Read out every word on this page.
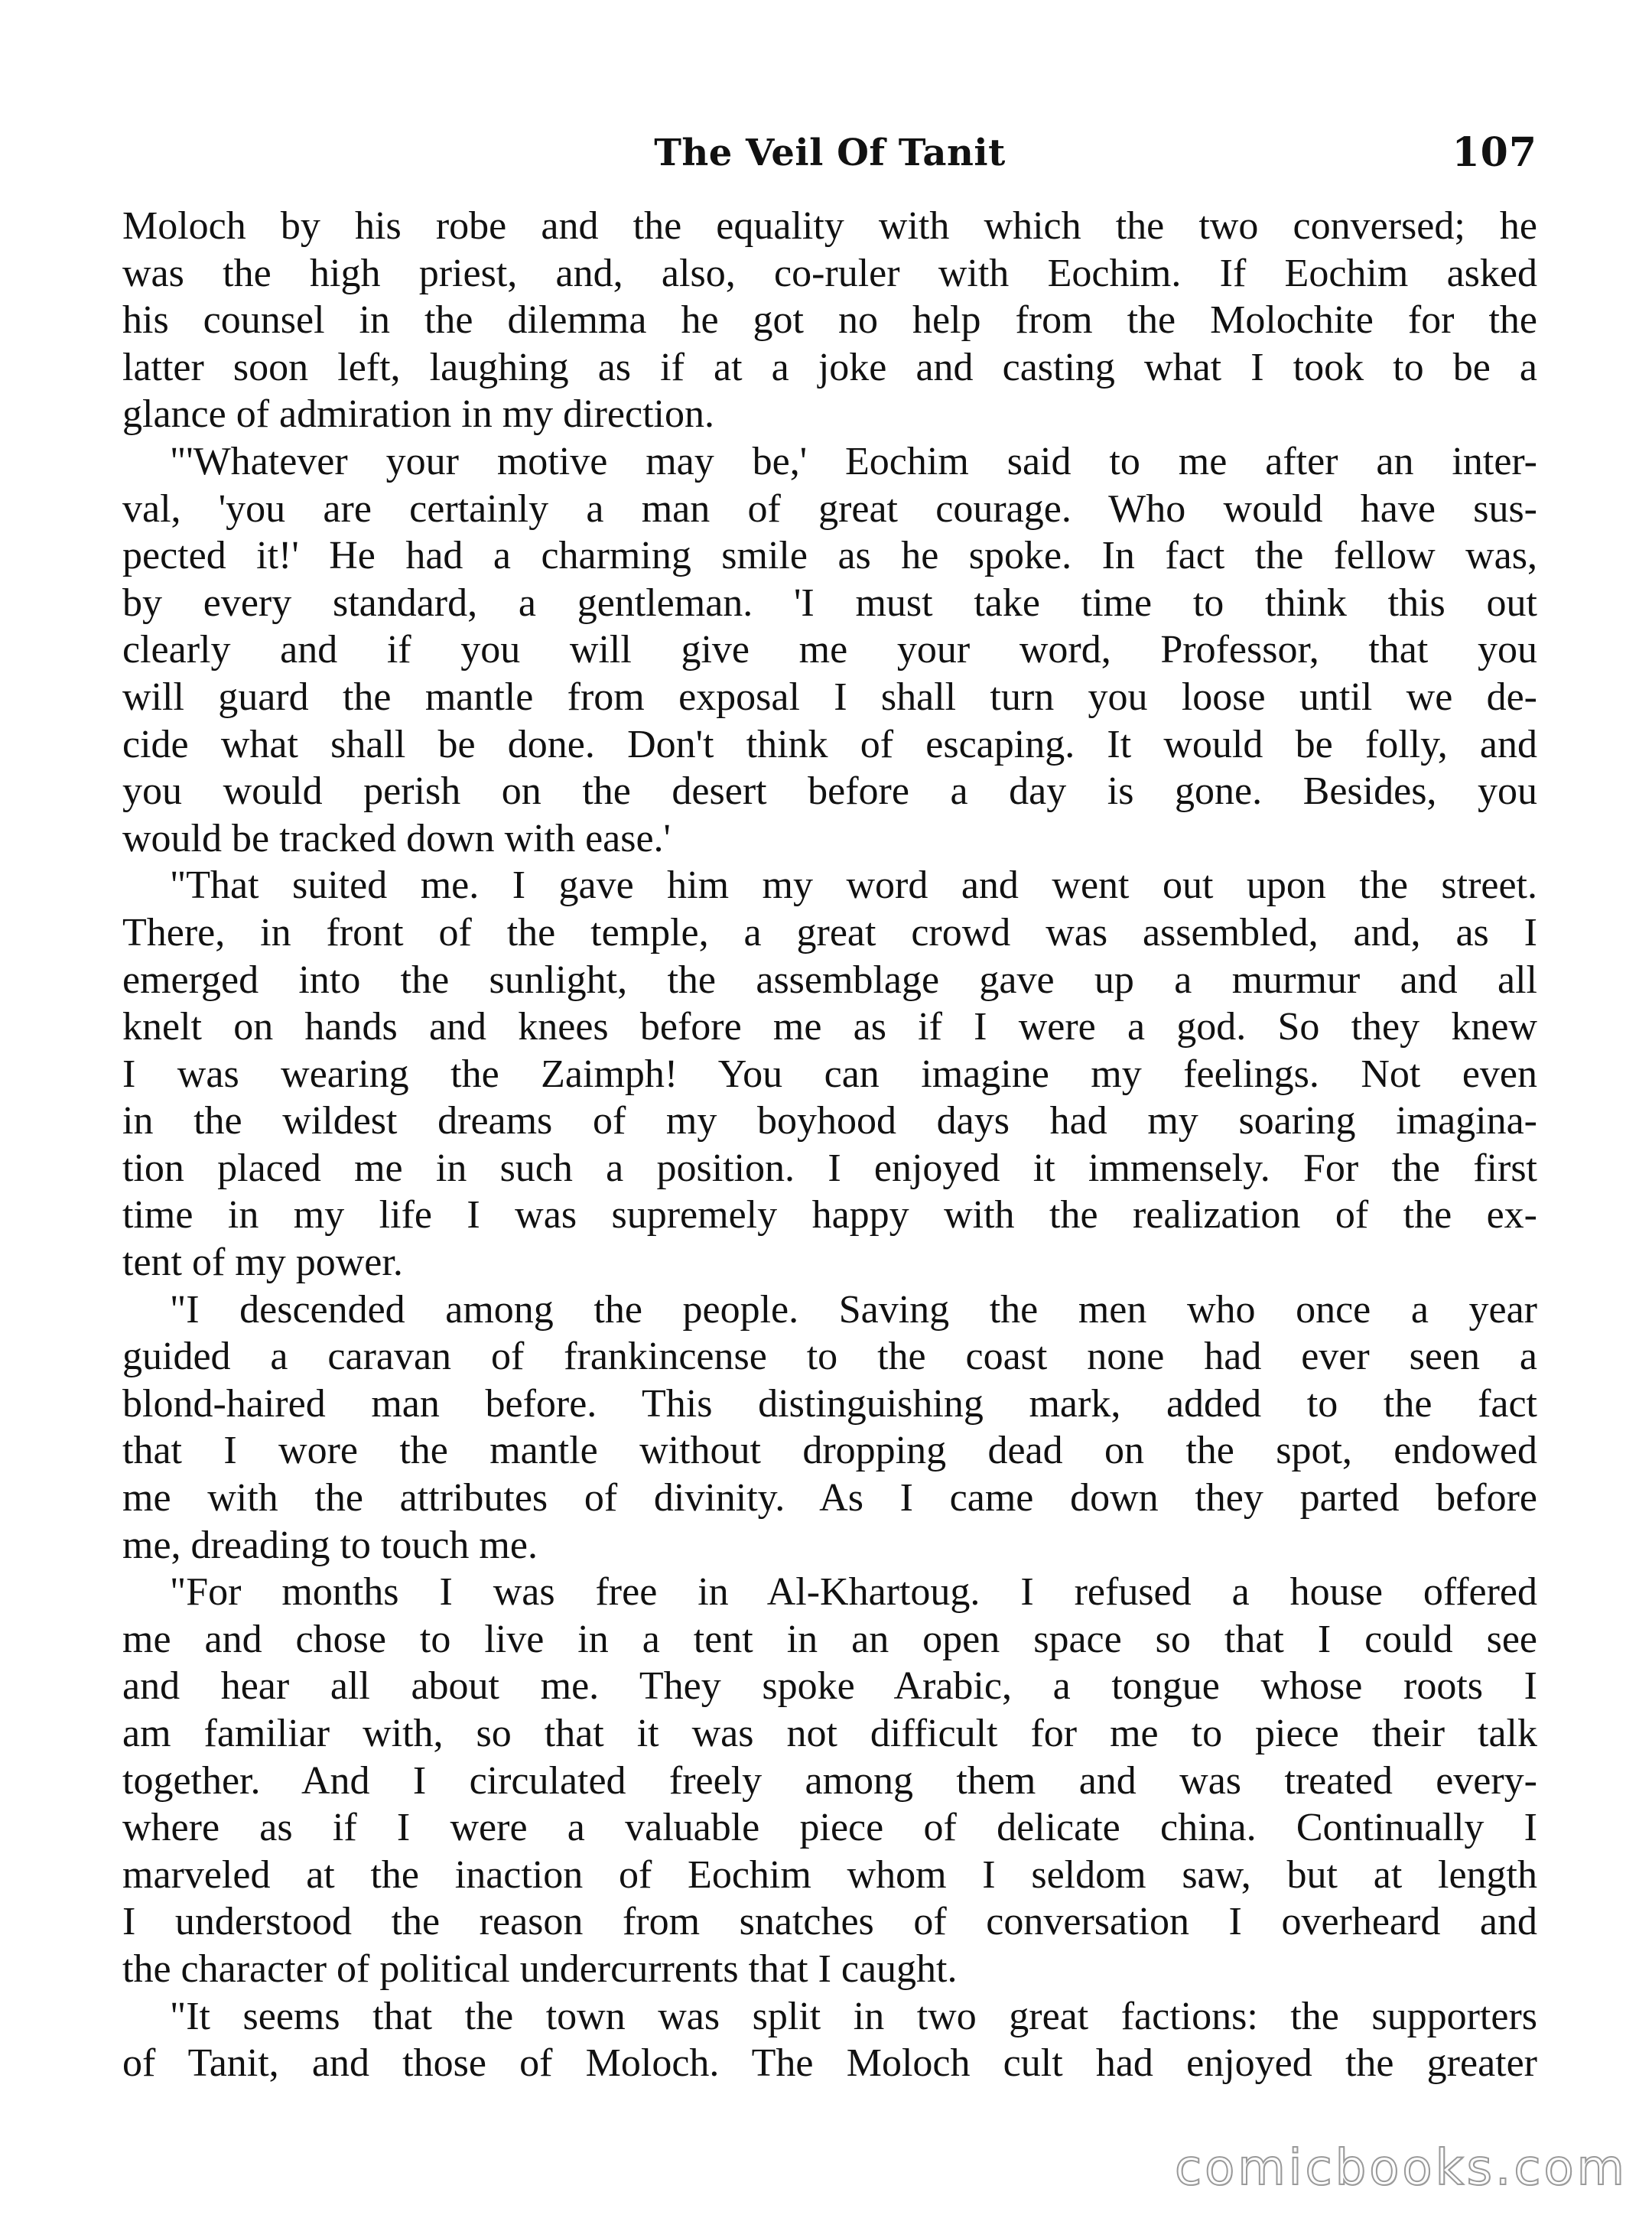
The Veil Of Tanit	107
Moloch by his robe and the equality with which the two conversed; he
was the high priest, and, also, co-ruler with Eochim. If Eochim asked
his counsel in the dilemma he got no help from the Molochite for the
latter soon left, laughing as if at a joke and casting what I took to be a
glance of admiration in my direction.
"'Whatever your motive may be,' Eochim said to me after an inter-
val, 'you are certainly a man of great courage. Who would have sus-
pected it!' He had a charming smile as he spoke. In fact the fellow was,
by every standard, a gentleman. 'I must take time to think this out
clearly and if you will give me your word, Professor, that you
will guard the mantle from exposal I shall turn you loose until we de-
cide what shall be done. Don't think of escaping. It would be folly, and
you would perish on the desert before a day is gone. Besides, you
would be tracked down with ease.'
"That suited me. I gave him my word and went out upon the street.
There, in front of the temple, a great crowd was assembled, and, as I
emerged into the sunlight, the assemblage gave up a murmur and all
knelt on hands and knees before me as if I were a god. So they knew
I was wearing the Zaimph! You can imagine my feelings. Not even
in the wildest dreams of my boyhood days had my soaring imagina-
tion placed me in such a position. I enjoyed it immensely. For the first
time in my life I was supremely happy with the realization of the ex-
tent of my power.
"I descended among the people. Saving the men who once a year
guided a caravan of frankincense to the coast none had ever seen a
blond-haired man before. This distinguishing mark, added to the fact
that I wore the mantle without dropping dead on the spot, endowed
me with the attributes of divinity. As I came down they parted before
me, dreading to touch me.
"For months I was free in Al-Khartoug. I refused a house offered
me and chose to live in a tent in an open space so that I could see
and hear all about me. They spoke Arabic, a tongue whose roots I
am familiar with, so that it was not difficult for me to piece their talk
together. And I circulated freely among them and was treated every-
where as if I were a valuable piece of delicate china. Continually I
marveled at the inaction of Eochim whom I seldom saw, but at length
I understood the reason from snatches of conversation I overheard and
the character of political undercurrents that I caught.
"It seems that the town was split in two great factions: the supporters
of Tanit, and those of Moloch. The Moloch cult had enjoyed the greater
comicbooks.com
